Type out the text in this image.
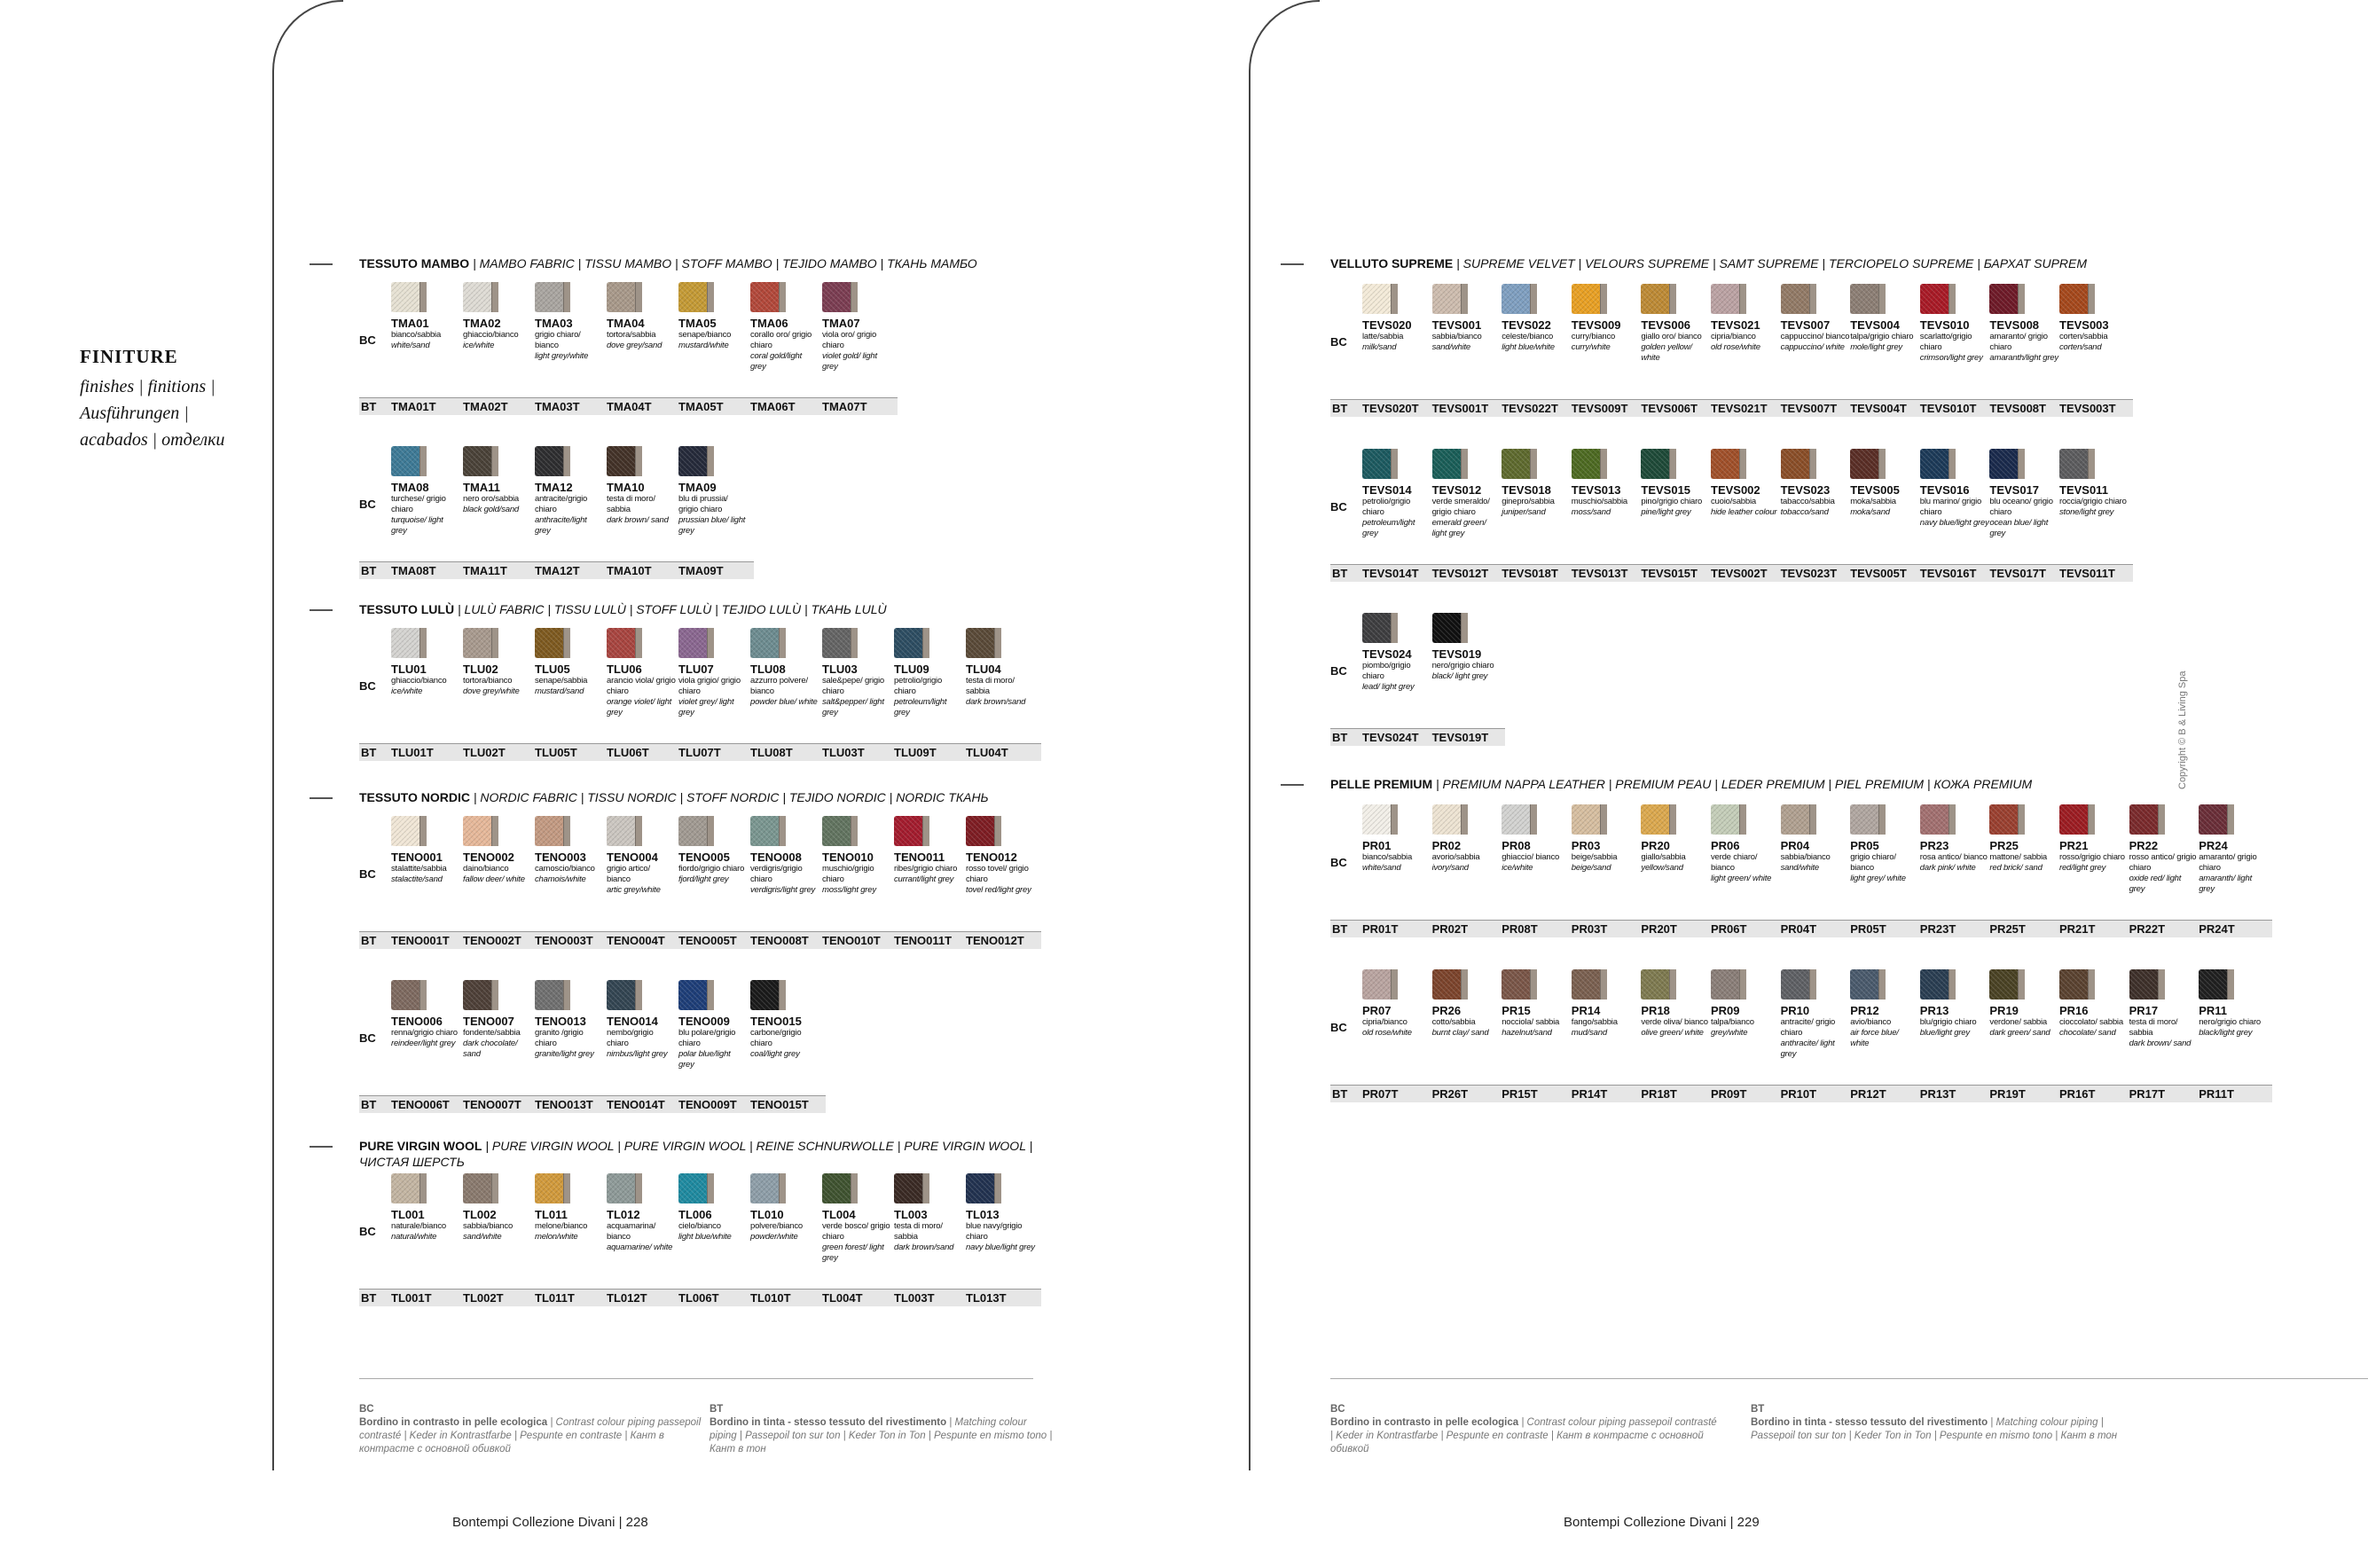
FINITURE
finishes | finitions |
Ausführungen |
acabados | отделки
TESSUTO MAMBO | MAMBO FABRIC | TISSU MAMBO | STOFF MAMBO | TEJIDO MAMBO | ТКАНЬ МАМБО
BC
TMA01
bianco/sabbia
white/sand
TMA02
ghiaccio/bianco
ice/white
TMA03
grigio chiaro/ bianco
light grey/white
TMA04
tortora/sabbia
dove grey/sand
TMA05
senape/bianco
mustard/white
TMA06
corallo oro/ grigio chiaro
coral gold/light grey
TMA07
viola oro/ grigio chiaro
violet gold/ light grey
BT TMA01T TMA02T TMA03T TMA04T TMA05T TMA06T TMA07T
BC
TMA08
turchese/ grigio chiaro
turquoise/ light grey
TMA11
nero oro/sabbia
black gold/sand
TMA12
antracite/grigio chiaro
anthracite/light grey
TMA10
testa di moro/ sabbia
dark brown/ sand
TMA09
blu di prussia/ grigio chiaro
prussian blue/ light grey
BT TMA08T TMA11T TMA12T TMA10T TMA09T
TESSUTO LULÙ | LULÙ FABRIC | TISSU LULÙ | STOFF LULÙ | TEJIDO LULÙ | ТКАНЬ LULÙ
BC
TLU01
ghiaccio/bianco
ice/white
TLU02
tortora/bianco
dove grey/white
TLU05
senape/sabbia
mustard/sand
TLU06
arancio viola/ grigio chiaro
orange violet/ light grey
TLU07
viola grigio/ grigio chiaro
violet grey/ light grey
TLU08
azzurro polvere/ bianco
powder blue/ white
TLU03
sale&pepe/ grigio chiaro
salt&pepper/ light grey
TLU09
petrolio/grigio chiaro
petroleum/light grey
TLU04
testa di moro/ sabbia
dark brown/sand
BT TLU01T	TLU02T	TLU05T	TLU06T	TLU07T	TLU08T	TLU03T	TLU09T	TLU04T
TESSUTO NORDIC | NORDIC FABRIC | TISSU NORDIC | STOFF NORDIC | TEJIDO NORDIC | NORDIC ТКАНЬ
BC
TENO001
stalattite/sabbia
stalactite/sand
TENO002
daino/bianco
fallow deer/ white
TENO003
camoscio/bianco
chamois/white
TENO004
grigio artico/ bianco
artic grey/white
TENO005
fiordo/grigio chiaro
fjord/light grey
TENO008
verdigris/grigio chiaro
verdigris/light grey
TENO010
muschio/grigio chiaro
moss/light grey
TENO011
ribes/grigio chiaro
currant/light grey
TENO012
rosso tovel/ grigio chiaro
tovel red/light grey
BT TENO001T TENO002T TENO003T TENO004T TENO005T TENO008T TENO010T TENO011T TENO012T
BC
TENO006
renna/grigio chiaro
reindeer/light grey
TENO007
fondente/sabbia
dark chocolate/ sand
TENO013
granito /grigio chiaro
granite/light grey
TENO014
nembo/grigio chiaro
nimbus/light grey
TENO009
blu polare/grigio chiaro
polar blue/light grey
TENO015
carbone/grigio chiaro
coal/light grey
BT TENO006T TENO007T TENO013T TENO014T TENO009T TENO015T
PURE VIRGIN WOOL | PURE VIRGIN WOOL | PURE VIRGIN WOOL | REINE SCHNURWOLLE | PURE VIRGIN WOOL |
ЧИСТАЯ ШЕРСТЬ
BC
TL001
naturale/bianco
natural/white
TL002
sabbia/bianco
sand/white
TL011
melone/bianco
melon/white
TL012
acquamarina/ bianco
aquamarine/ white
TL006
cielo/bianco
light blue/white
TL010
polvere/bianco
powder/white
TL004
verde bosco/ grigio chiaro
green forest/ light grey
TL003
testa di moro/ sabbia
dark brown/sand
TL013
blue navy/grigio chiaro
navy blue/light grey
BT TL001T	TL002T	TL011T	TL012T	TL006T	TL010T	TL004T	TL003T	TL013T
BC
Bordino in contrasto in pelle ecologica | Contrast colour piping passepoil contrasté | Keder in Kontrastfarbe | Pespunte en contraste | Кант в контрасте с основной обивкой
BT
Bordino in tinta - stesso tessuto del rivestimento | Matching colour piping | Passepoil ton sur ton | Keder Ton in Ton | Pespunte en mismo tono | Кант в тон
Bontempi Collezione Divani | 228
VELLUTO SUPREME | SUPREME VELVET | VELOURS SUPREME | SAMT SUPREME | TERCIOPELO SUPREME | БАРХАТ SUPREM
BC
TEVS020
latte/sabbia
milk/sand
TEVS001
sabbia/bianco
sand/white
TEVS022
celeste/bianco
light blue/white
TEVS009
curry/bianco
curry/white
TEVS006
giallo oro/ bianco
golden yellow/ white
TEVS021
cipria/bianco
old rose/white
TEVS007
cappuccino/ bianco
cappuccino/ white
TEVS004
talpa/grigio chiaro
mole/light grey
TEVS010
scarlatto/grigio chiaro
crimson/light grey
TEVS008
amaranto/ grigio chiaro
amaranth/light grey
TEVS003
corten/sabbia
corten/sand
BT TEVS020T TEVS001T TEVS022T TEVS009T TEVS006T TEVS021T TEVS007T TEVS004T TEVS010T TEVS008T TEVS003T
BC
TEVS014
petrolio/grigio chiaro
petroleum/light grey
TEVS012
verde smeraldo/ grigio chiaro
emerald green/ light grey
TEVS018
ginepro/sabbia
juniper/sand
TEVS013
muschio/sabbia
moss/sand
TEVS015
pino/grigio chiaro
pine/light grey
TEVS002
cuoio/sabbia
hide leather colour
TEVS023
tabacco/sabbia
tobacco/sand
TEVS005
moka/sabbia
moka/sand
TEVS016
blu marino/ grigio chiaro
navy blue/light grey
TEVS017
blu oceano/ grigio chiaro
ocean blue/ light grey
TEVS011
roccia/grigio chiaro
stone/light grey
BT TEVS014T TEVS012T TEVS018T TEVS013T TEVS015T TEVS002T TEVS023T TEVS005T TEVS016T TEVS017T TEVS011T
BC
TEVS024
piombo/grigio chiaro
lead/ light grey
TEVS019
nero/grigio chiaro
black/ light grey
BT TEVS024T TEVS019T
PELLE PREMIUM | PREMIUM NAPPA LEATHER | PREMIUM PEAU | LEDER PREMIUM | PIEL PREMIUM | КОЖА PREMIUM
BC
PR01
bianco/sabbia
white/sand
PR02
avorio/sabbia
ivory/sand
PR08
ghiaccio/ bianco
ice/white
PR03
beige/sabbia
beige/sand
PR20
giallo/sabbia
yellow/sand
PR06
verde chiaro/ bianco
light green/ white
PR04
sabbia/bianco
sand/white
PR05
grigio chiaro/ bianco
light grey/ white
PR23
rosa antico/ bianco
dark pink/ white
PR25
mattone/ sabbia
red brick/ sand
PR21
rosso/grigio chiaro
red/light grey
PR22
rosso antico/ grigio chiaro
oxide red/ light grey
PR24
amaranto/ grigio chiaro
amaranth/ light grey
BT PR01T	PR02T	PR08T	PR03T	PR20T	PR06T	PR04T	PR05T	PR23T	PR25T	PR21T	PR22T	PR24T
BC
PR07
cipria/bianco
old rose/white
PR26
cotto/sabbia
burnt clay/ sand
PR15
nocciola/ sabbia
hazelnut/sand
PR14
fango/sabbia
mud/sand
PR18
verde oliva/ bianco
olive green/ white
PR09
talpa/bianco
grey/white
PR10
antracite/ grigio chiaro
anthracite/ light grey
PR12
avio/bianco
air force blue/ white
PR13
blu/grigio chiaro
blue/light grey
PR19
verdone/ sabbia
dark green/ sand
PR16
cioccolato/ sabbia
chocolate/ sand
PR17
testa di moro/ sabbia
dark brown/ sand
PR11
nero/grigio chiaro
black/light grey
BT PR07T	PR26T	PR15T	PR14T	PR18T	PR09T	PR10T	PR12T	PR13T	PR19T	PR16T	PR17T	PR11T
BC
Bordino in contrasto in pelle ecologica | Contrast colour piping passepoil contrasté | Keder in Kontrastfarbe | Pespunte en contraste | Кант в контрасте с основной обивкой
BT
Bordino in tinta - stesso tessuto del rivestimento | Matching colour piping | Passepoil ton sur ton | Keder Ton in Ton | Pespunte en mismo tono | Кант в тон
Bontempi Collezione Divani | 229
Copyright © B & Living Spa
